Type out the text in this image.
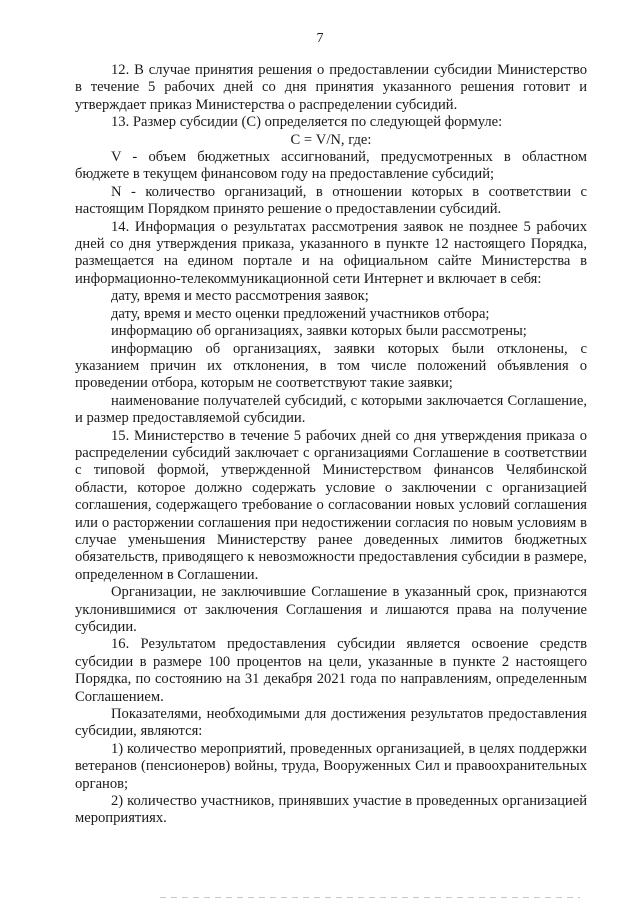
7

12. В случае принятия решения о предоставлении субсидии Министерство в течение 5 рабочих дней со дня принятия указанного решения готовит и утверждает приказ Министерства о распределении субсидий.

13. Размер субсидии (С) определяется по следующей формуле:

С = V/N, где:

V - объем бюджетных ассигнований, предусмотренных в областном бюджете в текущем финансовом году на предоставление субсидий;

N - количество организаций, в отношении которых в соответствии с настоящим Порядком принято решение о предоставлении субсидий.

14. Информация о результатах рассмотрения заявок не позднее 5 рабочих дней со дня утверждения приказа, указанного в пункте 12 настоящего Порядка, размещается на едином портале и на официальном сайте Министерства в информационно-телекоммуникационной сети Интернет и включает в себя:

дату, время и место рассмотрения заявок;

дату, время и место оценки предложений участников отбора;

информацию об организациях, заявки которых были рассмотрены;

информацию об организациях, заявки которых были отклонены, с указанием причин их отклонения, в том числе положений объявления о проведении отбора, которым не соответствуют такие заявки;

наименование получателей субсидий, с которыми заключается Соглашение, и размер предоставляемой субсидии.

15. Министерство в течение 5 рабочих дней со дня утверждения приказа о распределении субсидий заключает с организациями Соглашение в соответствии с типовой формой, утвержденной Министерством финансов Челябинской области, которое должно содержать условие о заключении с организацией соглашения, содержащего требование о согласовании новых условий соглашения или о расторжении соглашения при недостижении согласия по новым условиям в случае уменьшения Министерству ранее доведенных лимитов бюджетных обязательств, приводящего к невозможности предоставления субсидии в размере, определенном в Соглашении.

Организации, не заключившие Соглашение в указанный срок, признаются уклонившимися от заключения Соглашения и лишаются права на получение субсидии.

16. Результатом предоставления субсидии является освоение средств субсидии в размере 100 процентов на цели, указанные в пункте 2 настоящего Порядка, по состоянию на 31 декабря 2021 года по направлениям, определенным Соглашением.

Показателями, необходимыми для достижения результатов предоставления субсидии, являются:

1) количество мероприятий, проведенных организацией, в целях поддержки ветеранов (пенсионеров) войны, труда, Вооруженных Сил и правоохранительных органов;

2) количество участников, принявших участие в проведенных организацией мероприятиях.
